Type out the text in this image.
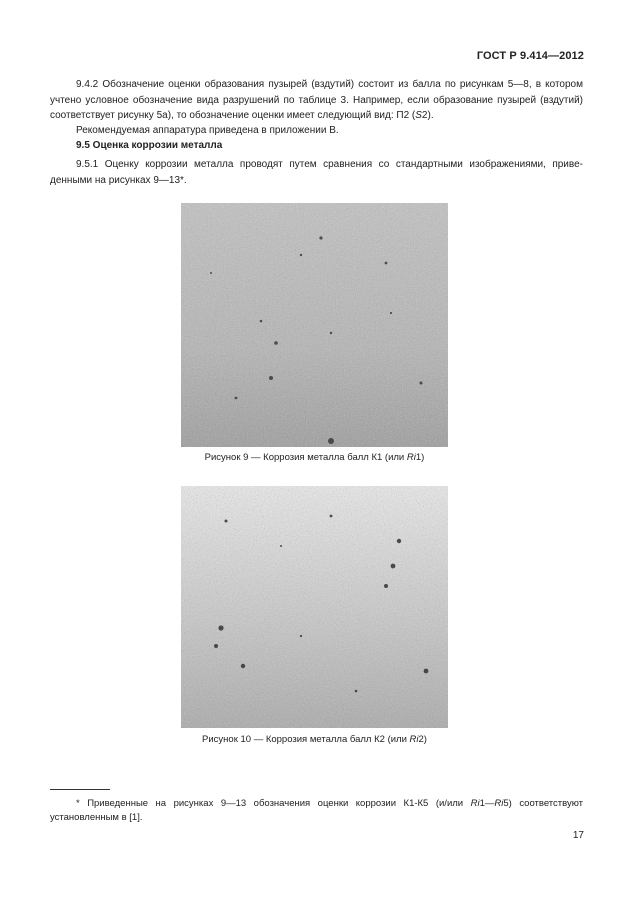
ГОСТ Р 9.414—2012
9.4.2 Обозначение оценки образования пузырей (вздутий) состоит из балла по рисункам 5—8, в котором учтено условное обозначение вида разрушений по таблице 3. Например, если образование пузырей (вздутий) соответствует рисунку 5а), то обозначение оценки имеет следующий вид: П2 (S2).
Рекомендуемая аппаратура приведена в приложении В.
9.5 Оценка коррозии металла
9.5.1 Оценку коррозии металла проводят путем сравнения со стандартными изображениями, приведенными на рисунках 9—13*.
Рисунок 9 — Коррозия металла балл К1 (или Ri1)
Рисунок 10 — Коррозия металла балл К2 (или Ri2)
* Приведенные на рисунках 9—13 обозначения оценки коррозии К1-К5 (и/или Ri1—Ri5) соответствуют установленным в [1].
17
